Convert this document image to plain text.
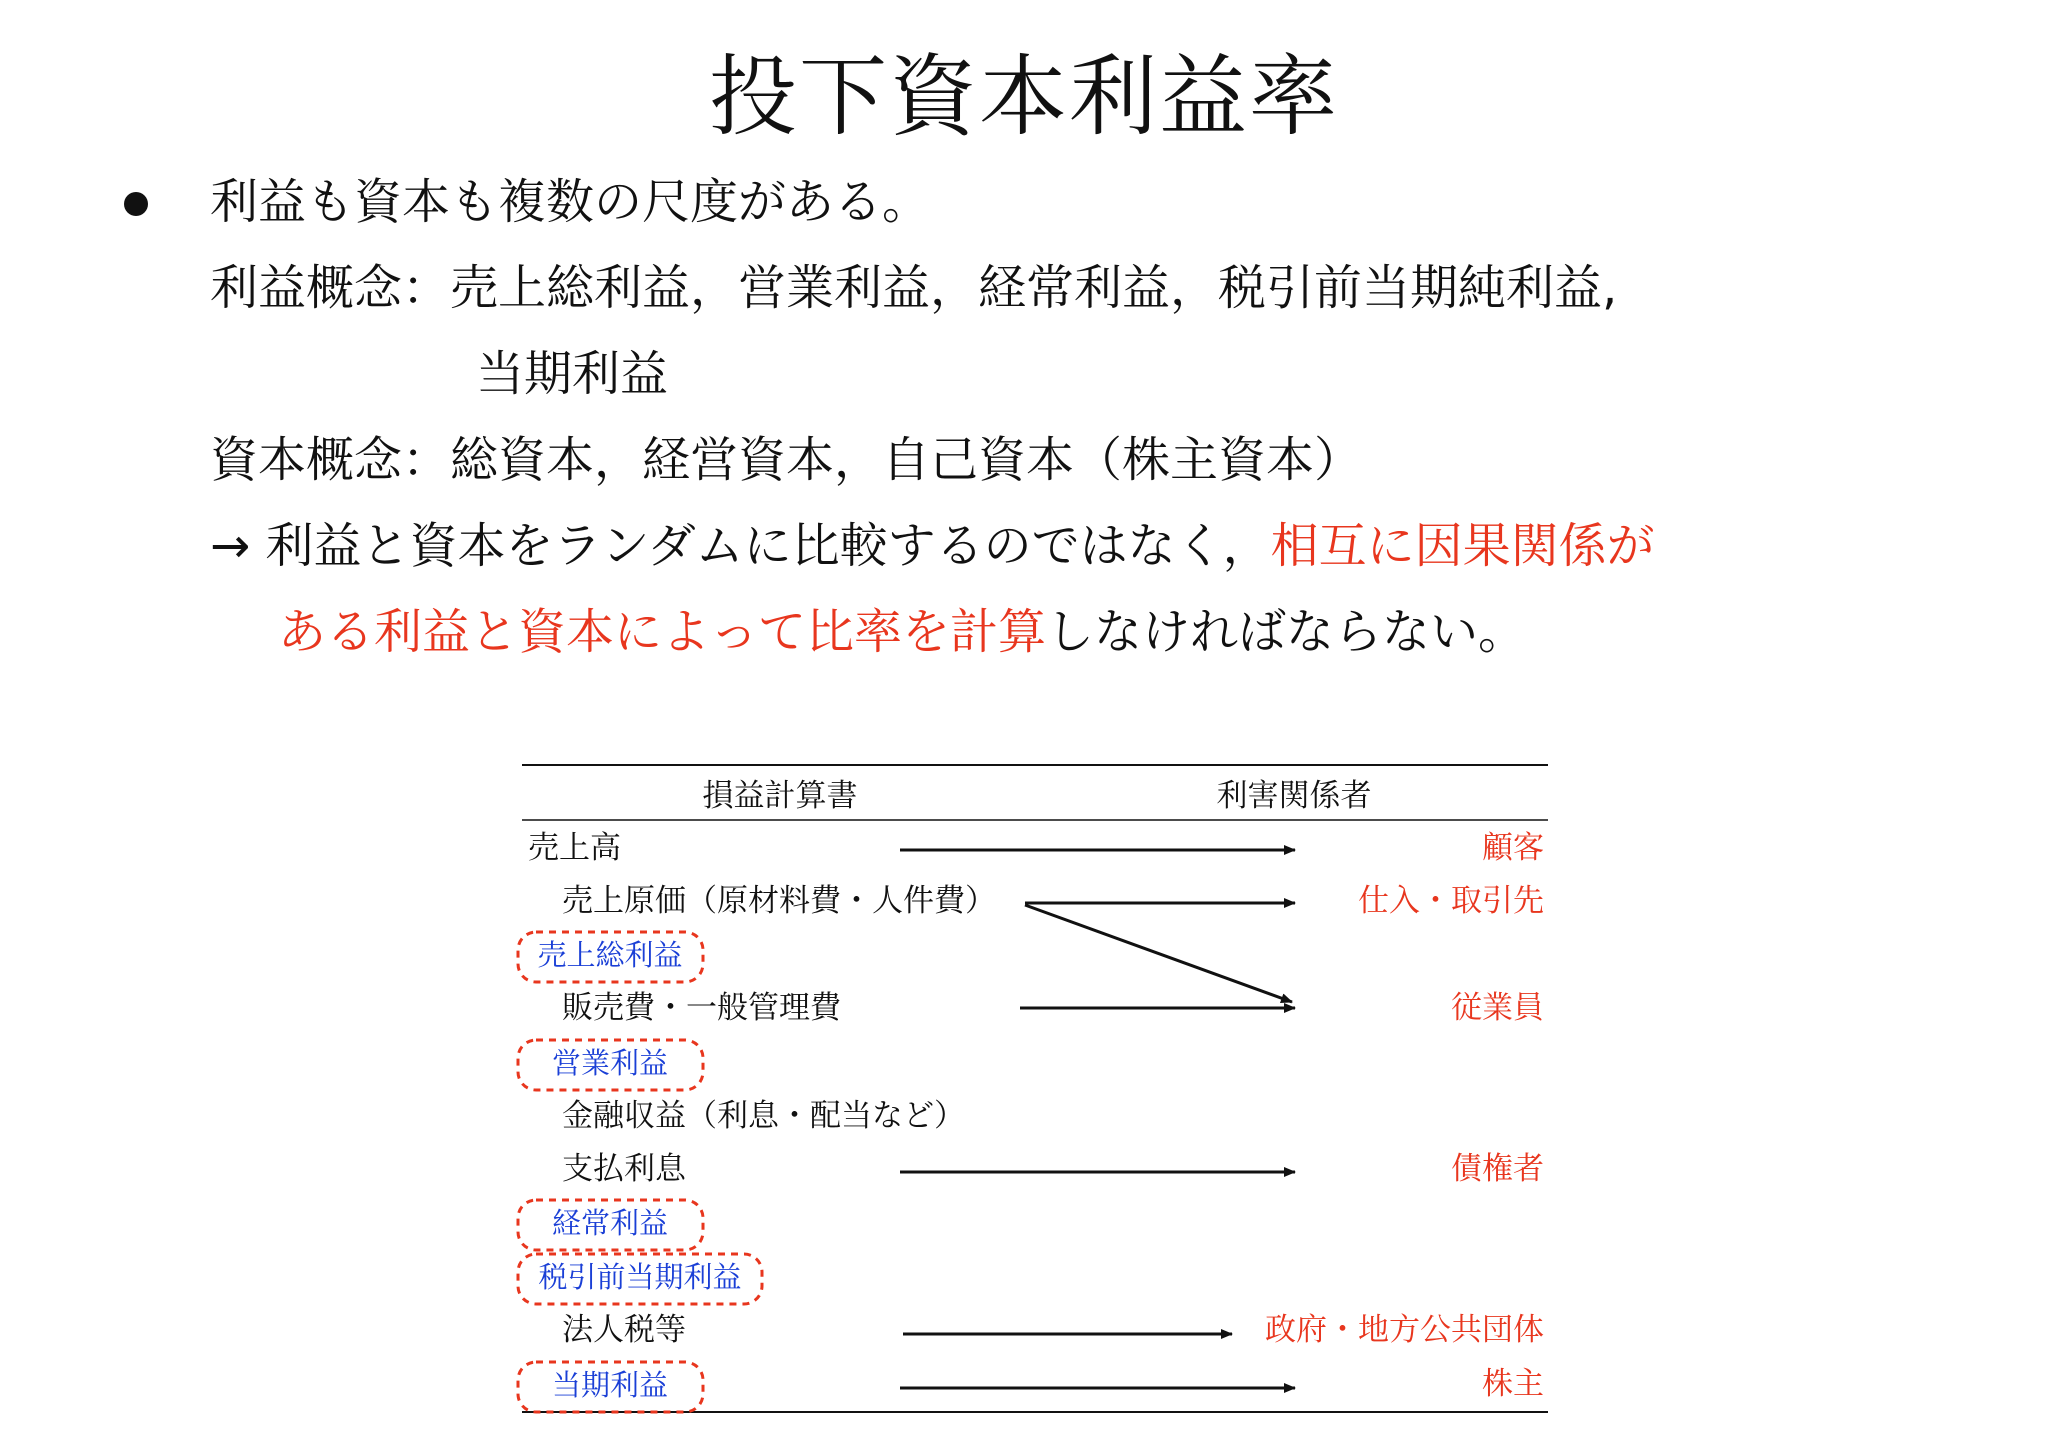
投下資本利益率
利益も資本も複数の尺度がある。
利益概念：売上総利益，営業利益，経常利益，税引前当期純利益,
当期利益
資本概念：総資本，経営資本，自己資本（株主資本）
→ 利益と資本をランダムに比較するのではなく，相互に因果関係が
ある利益と資本によって比率を計算しなければならない。
損益計算書	利害関係者
売上高	顧客
売上原価（原材料費・人件費）	仕入・取引先
売上総利益
販売費・一般管理費	従業員
営業利益
金融収益（利息・配当など）
支払利息	債権者
経常利益
税引前当期利益
法人税等	政府・地方公共団体
当期利益	株主
